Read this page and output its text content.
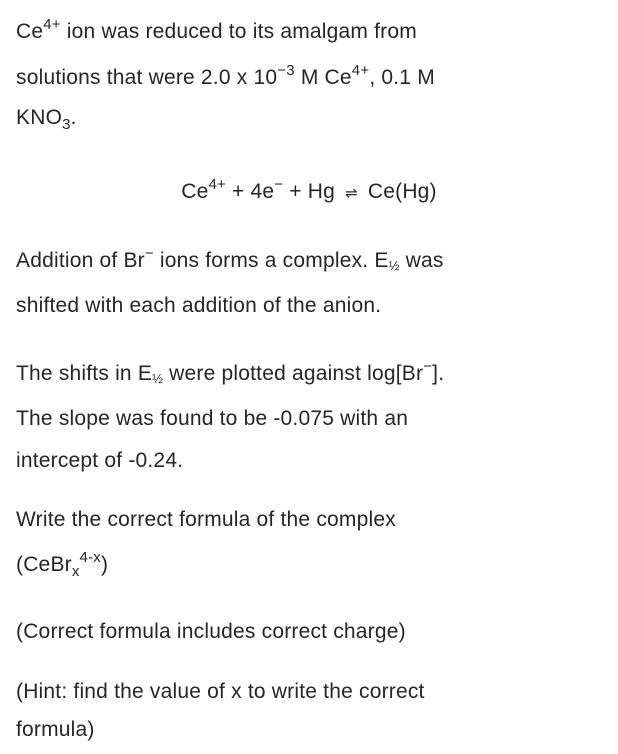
$Ce^{4+}$ ion was reduced to its amalgam from
solutions that were 2.0 x $10^{-3}$ M $Ce^{4+}$, 0.1 M
$KNO_3$.
$Ce^{4+} + 4e^- + Hg$ ⇌ Ce(Hg)
Addition of Br− ions forms a complex. E½ was
shifted with each addition of the anion.
The shifts in E½ were plotted against log[Br−].
The slope was found to be -0.075 with an
intercept of -0.24.
Write the correct formula of the complex
(CeBr$_x^{4-x}$)
(Correct formula includes correct charge)
(Hint: find the value of x to write the correct
formula)
